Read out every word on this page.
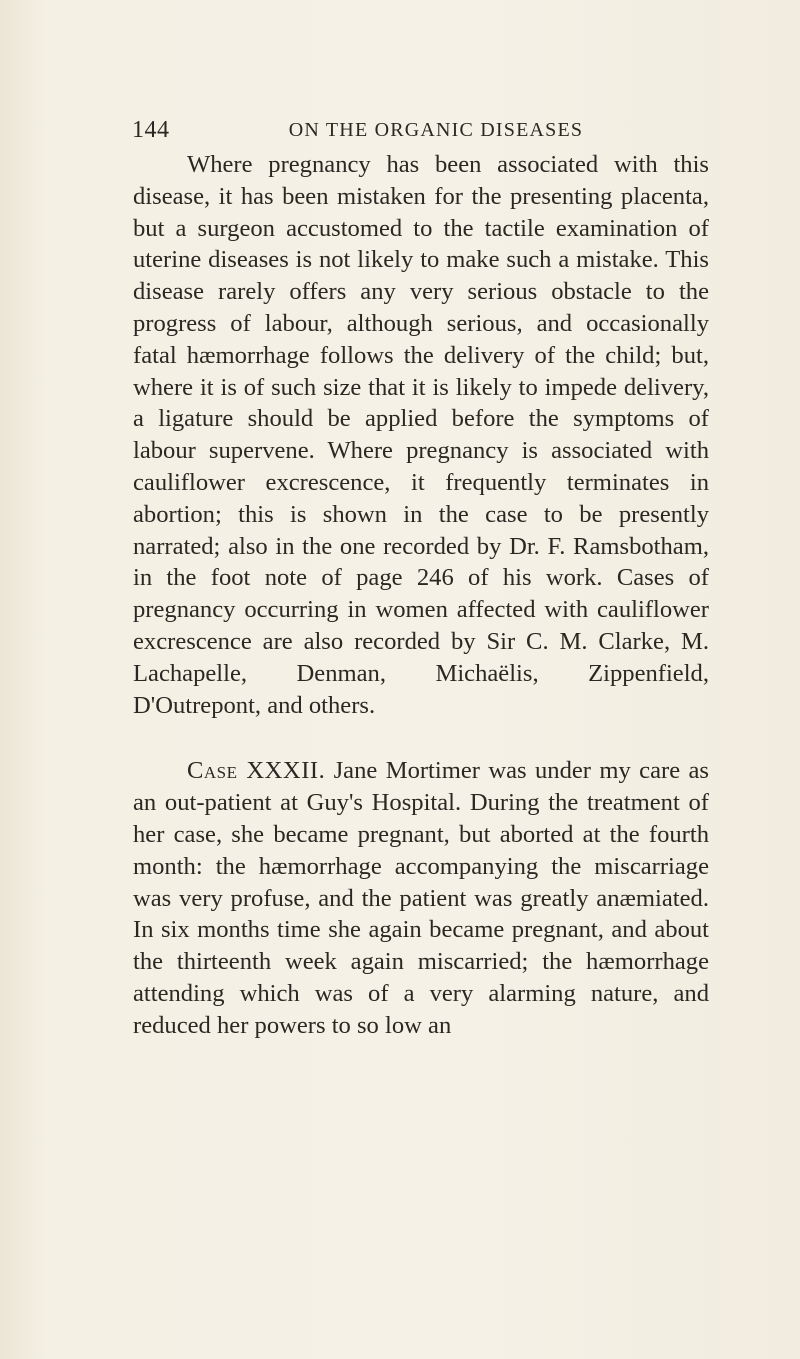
144	ON THE ORGANIC DISEASES

Where pregnancy has been associated with this disease, it has been mistaken for the presenting placenta, but a surgeon accustomed to the tactile examination of uterine diseases is not likely to make such a mistake. This disease rarely offers any very serious obstacle to the progress of labour, although serious, and occasionally fatal hæmorrhage follows the delivery of the child; but, where it is of such size that it is likely to impede delivery, a ligature should be applied before the symptoms of labour supervene. Where pregnancy is associated with cauliflower excrescence, it frequently terminates in abortion; this is shown in the case to be presently narrated; also in the one recorded by Dr. F. Ramsbotham, in the foot note of page 246 of his work. Cases of pregnancy occurring in women affected with cauliflower excrescence are also recorded by Sir C. M. Clarke, M. Lachapelle, Denman, Michaëlis, Zippenfield, D'Outrepont, and others.

Case XXXII. Jane Mortimer was under my care as an out-patient at Guy's Hospital. During the treatment of her case, she became pregnant, but aborted at the fourth month: the hæmorrhage accompanying the miscarriage was very profuse, and the patient was greatly anæmiated. In six months time she again became pregnant, and about the thirteenth week again miscarried; the hæmorrhage attending which was of a very alarming nature, and reduced her powers to so low an
